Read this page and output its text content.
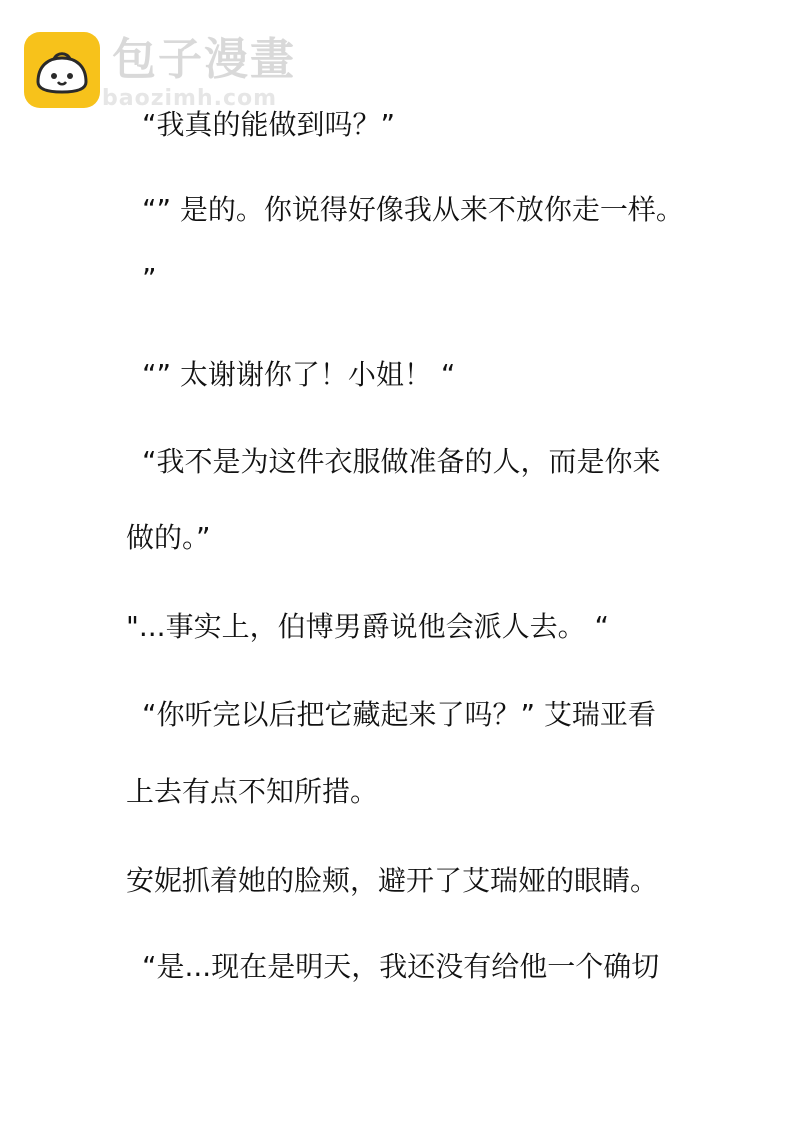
包子漫畫
baozimh.com
“我真的能做到吗？”
“” 是的。你说得好像我从来不放你走一样。
”
“” 太谢谢你了！小姐！ “
“我不是为这件衣服做准备的人，而是你来
做的。”
"...事实上，伯博男爵说他会派人去。 “
“你听完以后把它藏起来了吗？” 艾瑞亚看
上去有点不知所措。
安妮抓着她的脸颊，避开了艾瑞娅的眼睛。
“是...现在是明天，我还没有给他一个确切
